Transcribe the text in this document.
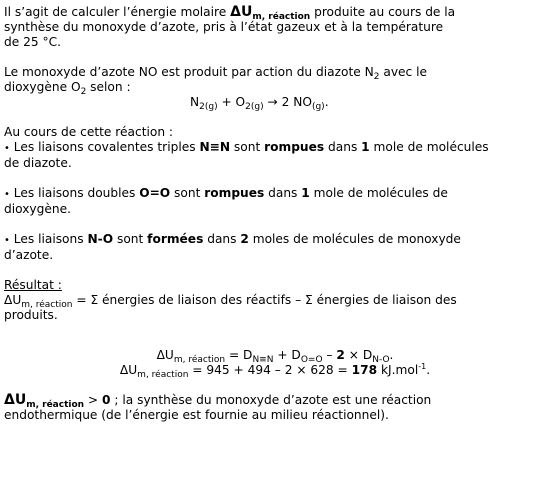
Il s’agit de calculer l’énergie molaire $\Delta U_{m, réaction}$ produite au cours de la
synthèse du monoxyde d’azote, pris à l’état gazeux et à la température
de 25 °C.

Le monoxyde d’azote NO est produit par action du diazote $N_2$ avec le
dioxygène $O_2$ selon :

$N_{2(g)} + O_{2(g)} \to 2$ $NO_{(g)}$.

Au cours de cette réaction :

• Les liaisons covalentes triples N≡N sont rompues dans 1 mole de molécules
de diazote.

• Les liaisons doubles O=O sont rompues dans 1 mole de molécules de
dioxygène.

• Les liaisons N-O sont formées dans 2 moles de molécules de monoxyde
d’azote.

Résultat :

$\Delta U_{m, réaction} = \Sigma$ énergies de liaison des réactifs – Σ énergies de liaison des
produits.

$\Delta U_{m, réaction} = D_{N\equiv N} + D_{O=O} - 2 \times D_{N-O}$.

$\Delta U_{m, réaction} = 945 + 494 - 2 \times 628 = 178$ kJ.mol$^{-1}$.

$\Delta U_{m, réaction} > 0$ ; la synthèse du monoxyde d’azote est une réaction
endothermique (de l’énergie est fournie au milieu réactionnel).
